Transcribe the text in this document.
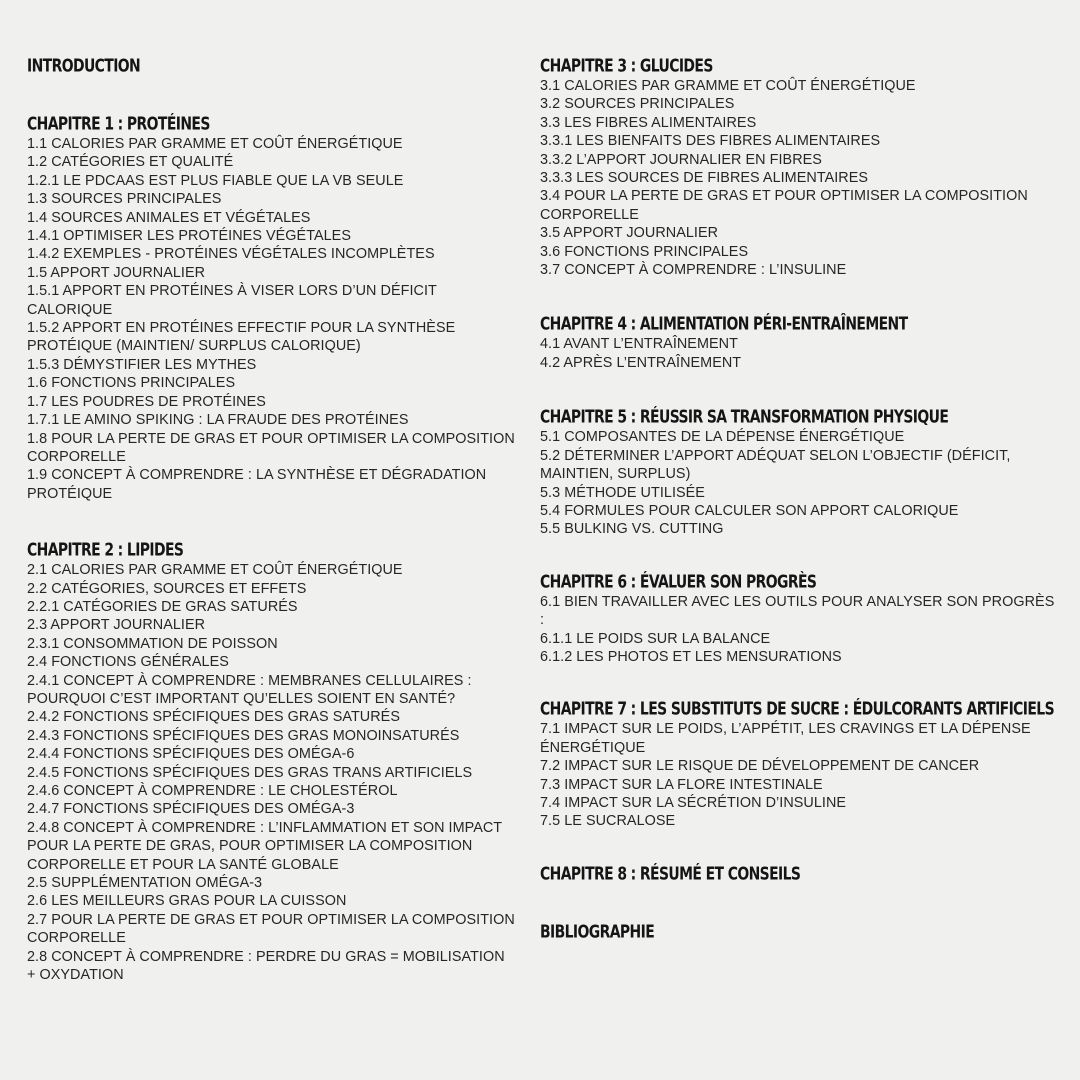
INTRODUCTION
CHAPITRE 1 : PROTÉINES
1.1 CALORIES PAR GRAMME ET COÛT ÉNERGÉTIQUE
1.2 CATÉGORIES ET QUALITÉ
1.2.1 LE PDCAAS EST PLUS FIABLE QUE LA VB SEULE
1.3 SOURCES PRINCIPALES
1.4 SOURCES ANIMALES ET VÉGÉTALES
1.4.1 OPTIMISER LES PROTÉINES VÉGÉTALES
1.4.2 EXEMPLES - PROTÉINES VÉGÉTALES INCOMPLÈTES
1.5 APPORT JOURNALIER
1.5.1 APPORT EN PROTÉINES À VISER LORS D’UN DÉFICIT CALORIQUE
1.5.2 APPORT EN PROTÉINES EFFECTIF POUR LA SYNTHÈSE PROTÉIQUE (MAINTIEN/ SURPLUS CALORIQUE)
1.5.3 DÉMYSTIFIER LES MYTHES
1.6 FONCTIONS PRINCIPALES
1.7 LES POUDRES DE PROTÉINES
1.7.1 LE AMINO SPIKING : LA FRAUDE DES PROTÉINES
1.8 POUR LA PERTE DE GRAS ET POUR OPTIMISER LA COMPOSITION CORPORELLE
1.9 CONCEPT À COMPRENDRE : LA SYNTHÈSE ET DÉGRADATION PROTÉIQUE
CHAPITRE 2 : LIPIDES
2.1 CALORIES PAR GRAMME ET COÛT ÉNERGÉTIQUE
2.2 CATÉGORIES, SOURCES ET EFFETS
2.2.1 CATÉGORIES DE GRAS SATURÉS
2.3 APPORT JOURNALIER
2.3.1 CONSOMMATION DE POISSON
2.4 FONCTIONS GÉNÉRALES
2.4.1 CONCEPT À COMPRENDRE : MEMBRANES CELLULAIRES : POURQUOI C’EST IMPORTANT QU’ELLES SOIENT EN SANTÉ?
2.4.2 FONCTIONS SPÉCIFIQUES DES GRAS SATURÉS
2.4.3 FONCTIONS SPÉCIFIQUES DES GRAS MONOINSATURÉS
2.4.4 FONCTIONS SPÉCIFIQUES DES OMÉGA-6
2.4.5 FONCTIONS SPÉCIFIQUES DES GRAS TRANS ARTIFICIELS
2.4.6 CONCEPT À COMPRENDRE : LE CHOLESTÉROL
2.4.7 FONCTIONS SPÉCIFIQUES DES OMÉGA-3
2.4.8 CONCEPT À COMPRENDRE : L’INFLAMMATION ET SON IMPACT POUR LA PERTE DE GRAS, POUR OPTIMISER LA COMPOSITION CORPORELLE ET POUR LA SANTÉ GLOBALE
2.5 SUPPLÉMENTATION OMÉGA-3
2.6 LES MEILLEURS GRAS POUR LA CUISSON
2.7 POUR LA PERTE DE GRAS ET POUR OPTIMISER LA COMPOSITION CORPORELLE
2.8 CONCEPT À COMPRENDRE : PERDRE DU GRAS = MOBILISATION + OXYDATION
CHAPITRE 3 : GLUCIDES
3.1 CALORIES PAR GRAMME ET COÛT ÉNERGÉTIQUE
3.2 SOURCES PRINCIPALES
3.3 LES FIBRES ALIMENTAIRES
3.3.1 LES BIENFAITS DES FIBRES ALIMENTAIRES
3.3.2 L’APPORT JOURNALIER EN FIBRES
3.3.3 LES SOURCES DE FIBRES ALIMENTAIRES
3.4 POUR LA PERTE DE GRAS ET POUR OPTIMISER LA COMPOSITION CORPORELLE
3.5 APPORT JOURNALIER
3.6 FONCTIONS PRINCIPALES
3.7 CONCEPT À COMPRENDRE : L’INSULINE
CHAPITRE 4 : ALIMENTATION PÉRI-ENTRAÎNEMENT
4.1 AVANT L’ENTRAÎNEMENT
4.2 APRÈS L’ENTRAÎNEMENT
CHAPITRE 5 : RÉUSSIR SA TRANSFORMATION PHYSIQUE
5.1 COMPOSANTES DE LA DÉPENSE ÉNERGÉTIQUE
5.2 DÉTERMINER L’APPORT ADÉQUAT SELON L’OBJECTIF (DÉFICIT, MAINTIEN, SURPLUS)
5.3 MÉTHODE UTILISÉE
5.4 FORMULES POUR CALCULER SON APPORT CALORIQUE
5.5 BULKING VS. CUTTING
CHAPITRE 6 : ÉVALUER SON PROGRÈS
6.1 BIEN TRAVAILLER AVEC LES OUTILS POUR ANALYSER SON PROGRÈS :
6.1.1 LE POIDS SUR LA BALANCE
6.1.2 LES PHOTOS ET LES MENSURATIONS
CHAPITRE 7 : LES SUBSTITUTS DE SUCRE : ÉDULCORANTS ARTIFICIELS
7.1 IMPACT SUR LE POIDS, L’APPÉTIT, LES CRAVINGS ET LA DÉPENSE ÉNERGÉTIQUE
7.2 IMPACT SUR LE RISQUE DE DÉVELOPPEMENT DE CANCER
7.3 IMPACT SUR LA FLORE INTESTINALE
7.4 IMPACT SUR LA SÉCRÉTION D’INSULINE
7.5 LE SUCRALOSE
CHAPITRE 8 : RÉSUMÉ ET CONSEILS
BIBLIOGRAPHIE
